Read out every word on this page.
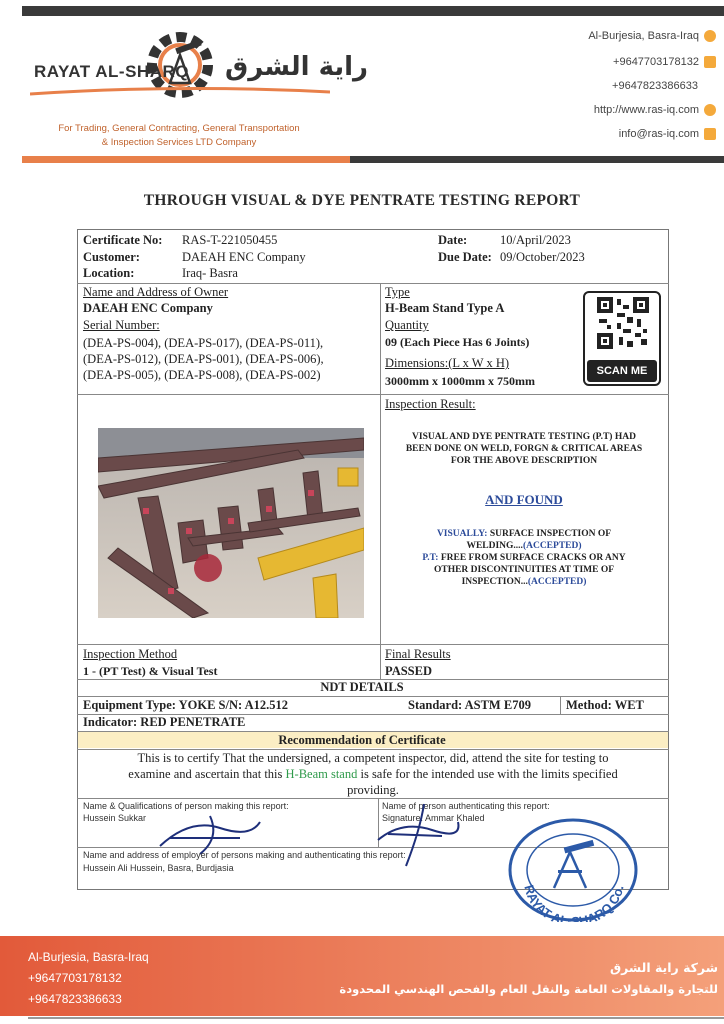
RAYAT AL-SHARQ راية الشرق
For Trading, General Contracting, General Transportation
& Inspection Services LTD Company
Al-Burjesia, Basra-Iraq
+9647703178132
+9647823386633
http://www.ras-iq.com
info@ras-iq.com
THROUGH VISUAL & DYE PENTRATE TESTING REPORT
Certificate No: RAS-T-221050455
Customer:	DAEAH ENC Company
Location:	Iraq- Basra
Date:	10/April/2023
Due Date: 09/October/2023
Name and Address of Owner
DAEAH ENC Company
Serial Number:
(DEA-PS-004), (DEA-PS-017), (DEA-PS-011),
(DEA-PS-012), (DEA-PS-001), (DEA-PS-006),
(DEA-PS-005), (DEA-PS-008), (DEA-PS-002)
Type
H-Beam Stand Type A
Quantity
09 (Each Piece Has 6 Joints)
Dimensions:(L x W x H)
3000mm x 1000mm x 750mm
SCAN ME
Inspection Result:
VISUAL AND DYE PENTRATE TESTING (P.T) HAD
BEEN DONE ON WELD, FORGN & CRITICAL AREAS
FOR THE ABOVE DESCRIPTION
AND FOUND
VISUALLY: SURFACE INSPECTION OF
WELDING....(ACCEPTED)
P.T: FREE FROM SURFACE CRACKS OR ANY
OTHER DISCONTINUITIES AT TIME OF
INSPECTION...(ACCEPTED)
Inspection Method
1 - (PT Test) & Visual Test
Final Results
PASSED
NDT DETAILS
Equipment Type: YOKE S/N: A12.512	Standard: ASTM E709	Method: WET
Indicator: RED PENETRATE
Recommendation of Certificate
This is to certify That the undersigned, a competent inspector, did, attend the site for testing to
examine and ascertain that this H-Beam stand is safe for the intended use with the limits specified
providing.
Name & Qualifications of person making this report:
Hussein Sukkar
Name of person authenticating this report:
Signature: Ammar Khaled
Name and address of employer of persons making and authenticating this report:
Hussein Ali Hussein, Basra, Burdjasia
RAYAT AL-SHARQ Co.
Al-Burjesia, Basra-Iraq
+9647703178132
+9647823386633
شركة راية الشرق
للتجارة والمقاولات العامة والنقل العام والفحص الهندسي المحدودة
